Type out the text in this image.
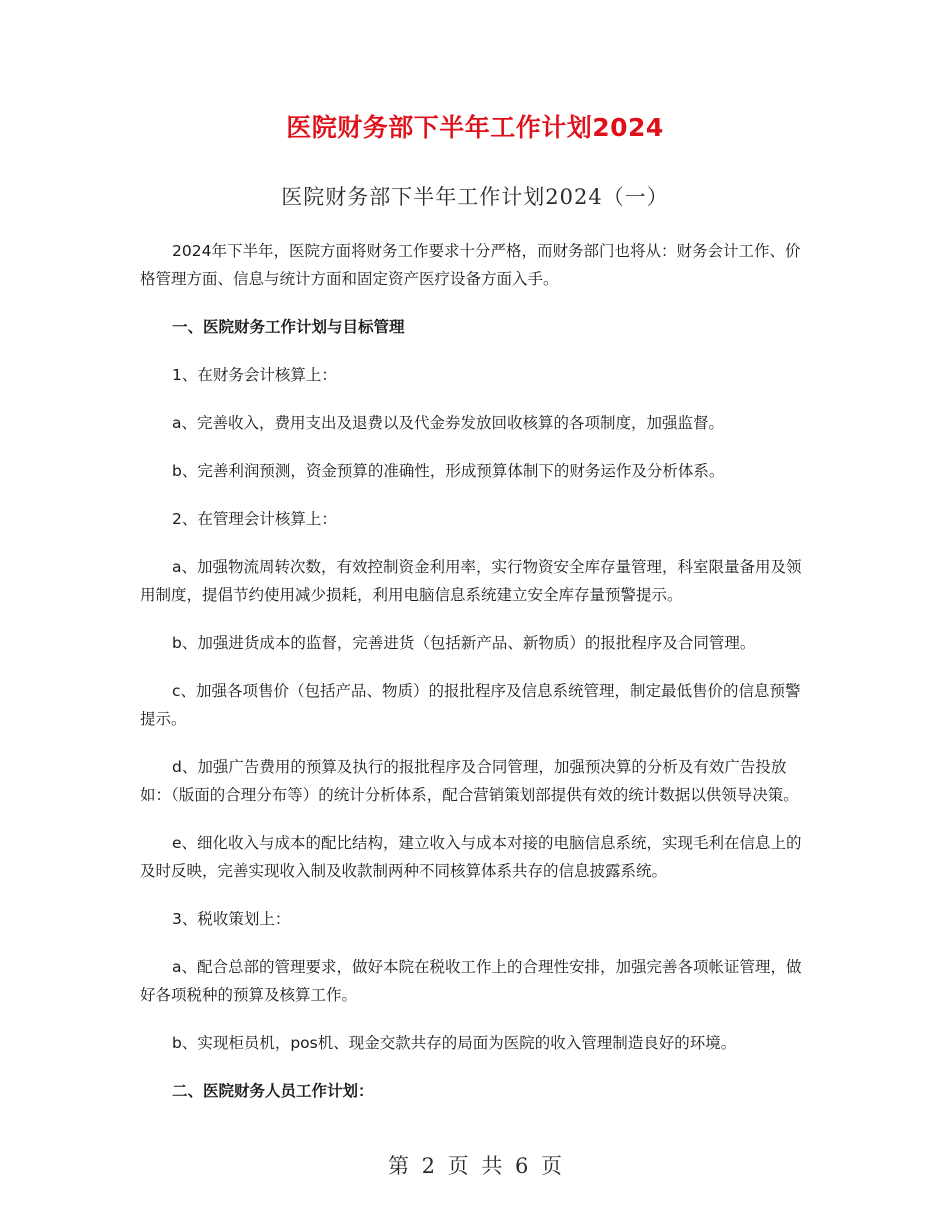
医院财务部下半年工作计划2024
医院财务部下半年工作计划2024（一）

2024年下半年，医院方面将财务工作要求十分严格，而财务部门也将从：财务会计工作、价格管理方面、信息与统计方面和固定资产医疗设备方面入手。

一、医院财务工作计划与目标管理

1、在财务会计核算上：

a、完善收入，费用支出及退费以及代金券发放回收核算的各项制度，加强监督。

b、完善利润预测，资金预算的准确性，形成预算体制下的财务运作及分析体系。

2、在管理会计核算上：

a、加强物流周转次数，有效控制资金利用率，实行物资安全库存量管理，科室限量备用及领用制度，提倡节约使用减少损耗，利用电脑信息系统建立安全库存量预警提示。

b、加强进货成本的监督，完善进货（包括新产品、新物质）的报批程序及合同管理。

c、加强各项售价（包括产品、物质）的报批程序及信息系统管理，制定最低售价的信息预警提示。

d、加强广告费用的预算及执行的报批程序及合同管理，加强预决算的分析及有效广告投放如：（版面的合理分布等）的统计分析体系，配合营销策划部提供有效的统计数据以供领导决策。

e、细化收入与成本的配比结构，建立收入与成本对接的电脑信息系统，实现毛利在信息上的及时反映，完善实现收入制及收款制两种不同核算体系共存的信息披露系统。

3、税收策划上：

a、配合总部的管理要求，做好本院在税收工作上的合理性安排，加强完善各项帐证管理，做好各项税种的预算及核算工作。

b、实现柜员机，pos机、现金交款共存的局面为医院的收入管理制造良好的环境。

二、医院财务人员工作计划：

第 2 页 共 6 页
